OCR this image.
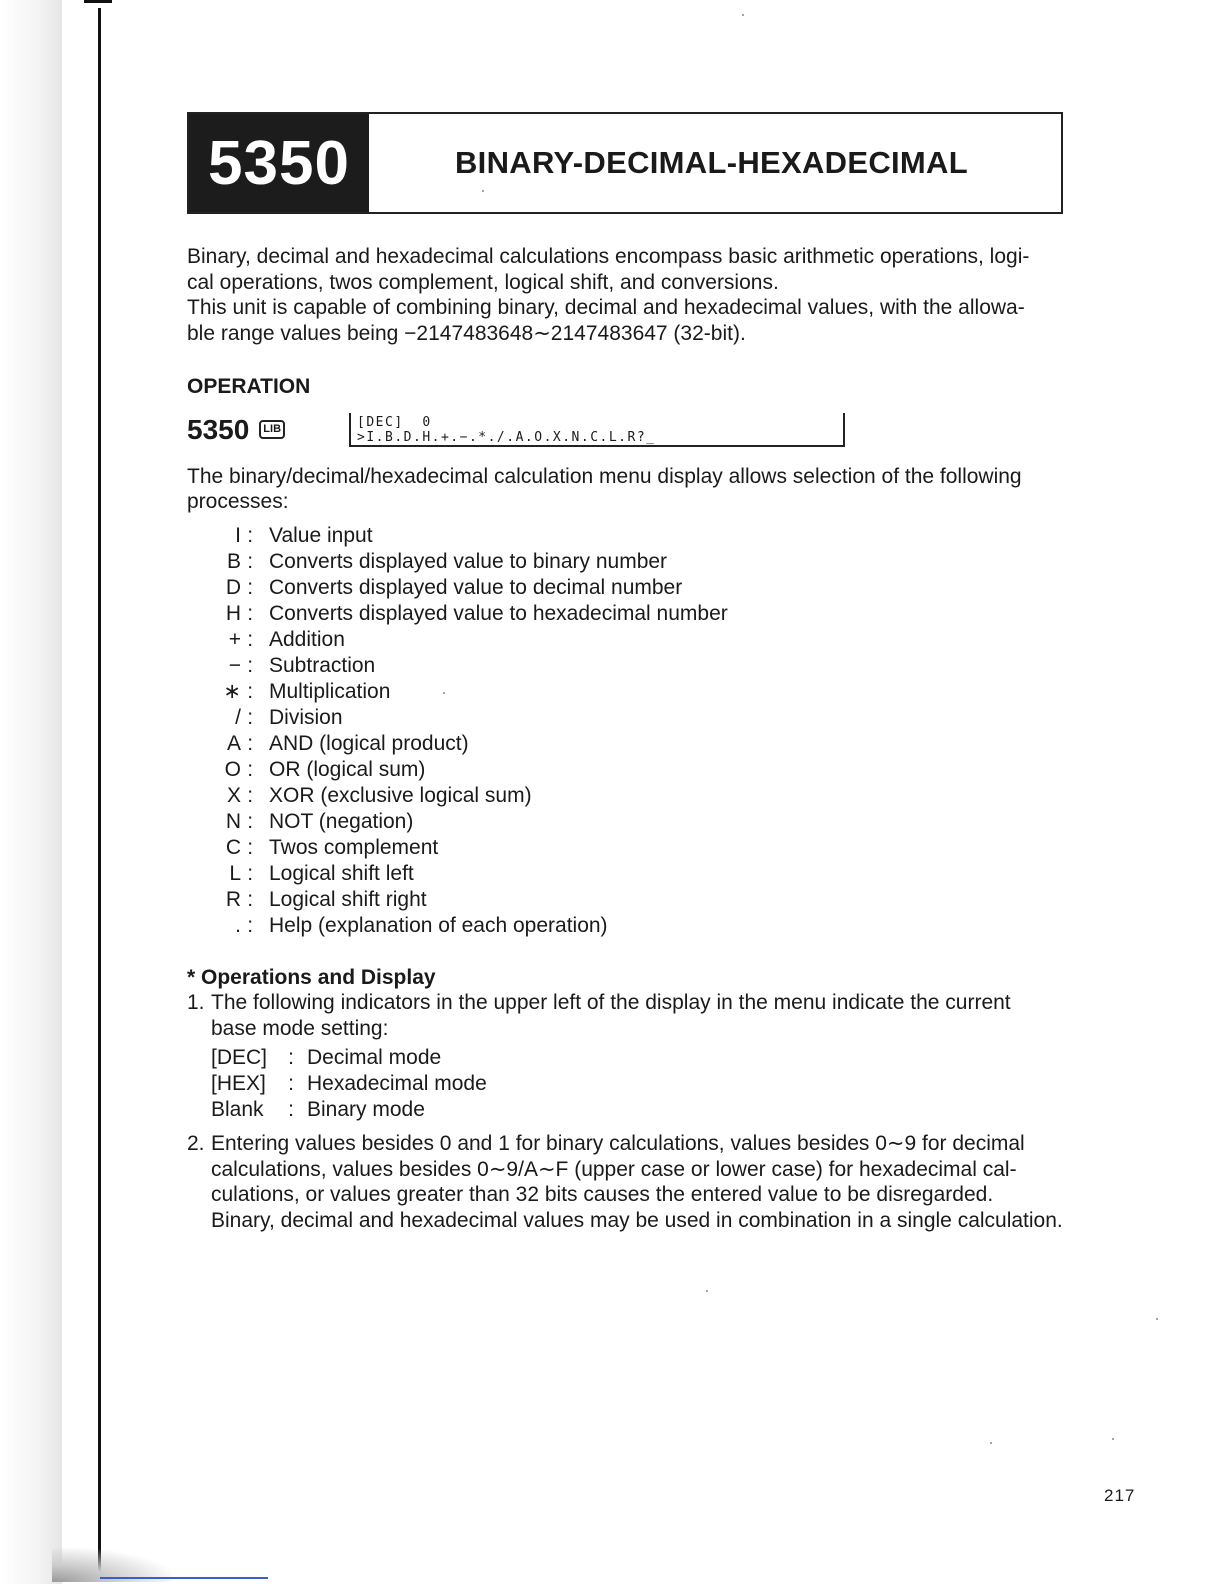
5350	BINARY-DECIMAL-HEXADECIMAL

Binary, decimal and hexadecimal calculations encompass basic arithmetic operations, logi-

cal operations, twos complement, logical shift, and conversions.

This unit is capable of combining binary, decimal and hexadecimal values, with the allowa-

ble range values being −2147483648∼2147483647 (32-bit).

OPERATION
5350	LIB	[DEC]  0
>I.B.D.H.+.−.*./.A.O.X.N.C.L.R?_

The binary/decimal/hexadecimal calculation menu display allows selection of the following

processes:

I  : Value input
B  : Converts displayed value to binary number
D  : Converts displayed value to decimal number
H  : Converts displayed value to hexadecimal number
+  : Addition
−  : Subtraction
∗  : Multiplication
/  : Division
A  : AND (logical product)
O  : OR (logical sum)
X  : XOR (exclusive logical sum)
N  : NOT (negation)
C  : Twos complement
L  : Logical shift left
R  : Logical shift right
.  : Help (explanation of each operation)
* Operations and Display
1. The following indicators in the upper left of the display in the menu indicate the current

base mode setting:

[DEC]	: Decimal mode
[HEX]	: Hexadecimal mode
Blank	: Binary mode
2. Entering values besides 0 and 1 for binary calculations, values besides 0∼9 for decimal

calculations, values besides 0∼9/A∼F (upper case or lower case) for hexadecimal cal-

culations, or values greater than 32 bits causes the entered value to be disregarded.

Binary, decimal and hexadecimal values may be used in combination in a single calculation.

217
